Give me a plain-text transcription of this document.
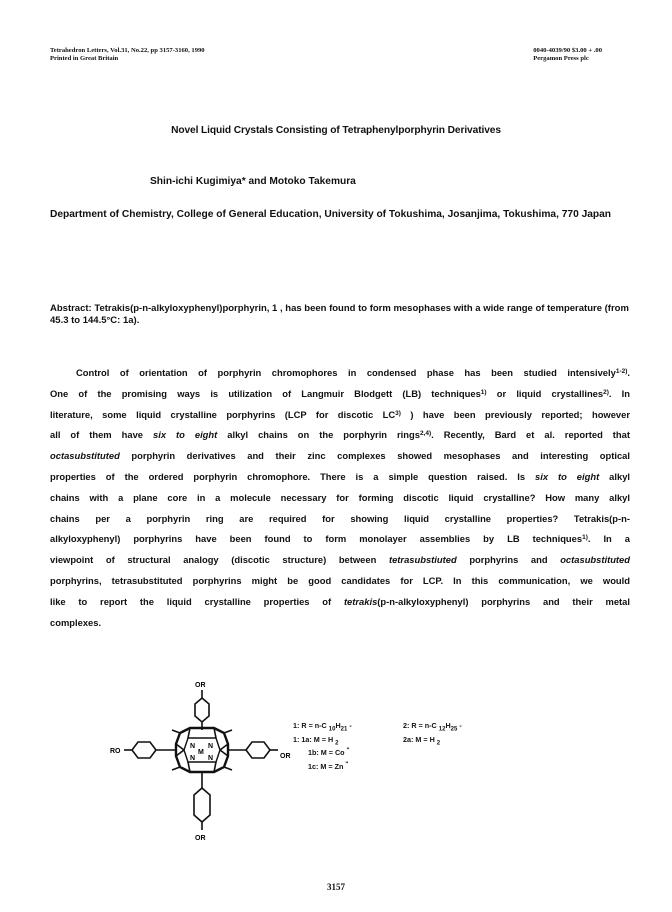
Tetrahedron Letters, Vol.31, No.22, pp 3157-3160, 1990
Printed in Great Britain
0040-4039/90 $3.00 + .00
Pergamon Press plc
Novel Liquid Crystals Consisting of Tetraphenylporphyrin Derivatives
Shin-ichi Kugimiya* and Motoko Takemura
Department of Chemistry, College of General Education, University of Tokushima, Josanjima, Tokushima, 770 Japan
Abstract: Tetrakis(p-n-alkyloxyphenyl)porphyrin, 1 , has been found to form mesophases with a wide range of temperature (from 45.3 to 144.5°C: 1a).
Control of orientation of porphyrin chromophores in condensed phase has been studied intensively$^{1-2)}$.
One of the promising ways is utilization of Langmuir Blodgett (LB) techniques$^{1)}$ or liquid crystallines$^{2)}$. In
literature, some liquid crystalline porphyrins (LCP for discotic LC$^{3)}$ ) have been previously reported; however
all of them have six to eight alkyl chains on the porphyrin rings$^{2,4)}$. Recently, Bard et al. reported that
octasubstituted porphyrin derivatives and their zinc complexes showed mesophases and interesting optical
properties of the ordered porphyrin chromophore. There is a simple question raised. Is six to eight alkyl
chains with a plane core in a molecule necessary for forming discotic liquid crystalline? How many alkyl
chains per a porphyrin ring are required for showing liquid crystalline properties? Tetrakis(p-n-
alkyloxyphenyl) porphyrins have been found to form monolayer assemblies by LB techniques$^{1)}$. In a
viewpoint of structural analogy (discotic structure) between tetrasubstiuted porphyrins and octasubstituted
porphyrins, tetrasubstituted porphyrins might be good candidates for LCP. In this communication, we would
like to report the liquid crystalline properties of tetrakis(p-n-alkyloxyphenyl) porphyrins and their metal
complexes.
OR
RO
OR
OR
N N
N N
M
1: R = n-C $_{10}H_{21}$ -	2: R = n-C $_{12}H_{25}$ -
1: 1a: M = H $_2$	2a: M = H $_2$
1b: M = Co "
1c: M = Zn "
3157
